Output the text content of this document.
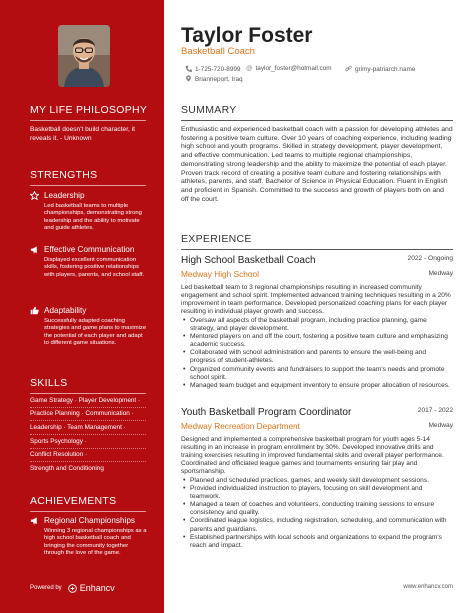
MY LIFE PHILOSOPHY
Basketball doesn't build character, it reveals it. - Unknown
STRENGTHS
Leadership
Led basketball teams to multiple championships, demonstrating strong leadership and the ability to motivate and guide athletes.
Effective Communication
Displayed excellent communication skills, fostering positive relationships with players, parents, and school staff.
Adaptability
Successfully adapted coaching strategies and game plans to maximize the potential of each player and adapt to different game situations.
SKILLS
Game Strategy · Player Development ·
Practice Planning · Communication ·
Leadership · Team Management ·
Sports Psychology ·
Conflict Resolution ·
Strength and Conditioning
ACHIEVEMENTS
Regional Championships
Winning 3 regional championships as a high school basketball coach and bringing the community together through the love of the game.
Powered by Enhancv
Taylor Foster
Basketball Coach
1-725-720-8999 @ taylor_foster@hotmail.com	grimy-patriarch.name
Brianneport, Iraq
SUMMARY
Enthusiastic and experienced basketball coach with a passion for developing athletes and fostering a positive team culture. Over 10 years of coaching experience, including leading high school and youth programs. Skilled in strategy development, player development, and effective communication. Led teams to multiple regional championships, demonstrating strong leadership and the ability to maximize the potential of each player. Proven track record of creating a positive team culture and fostering relationships with athletes, parents, and staff. Bachelor of Science in Physical Education. Fluent in English and proficient in Spanish. Committed to the success and growth of players both on and off the court.
EXPERIENCE
High School Basketball Coach	2022 - Ongoing
Medway High School	Medway
Led basketball team to 3 regional championships resulting in increased community engagement and school spirit. Implemented advanced training techniques resulting in a 20% improvement in team performance. Developed personalized coaching plans for each player resulting in individual player growth and success.
• Oversaw all aspects of the basketball program, including practice planning, game strategy, and player development.
• Mentored players on and off the court, fostering a positive team culture and emphasizing academic success.
• Collaborated with school administration and parents to ensure the well-being and progress of student-athletes.
• Organized community events and fundraisers to support the team's needs and promote school spirit.
• Managed team budget and equipment inventory to ensure proper allocation of resources.
Youth Basketball Program Coordinator	2017 - 2022
Medway Recreation Department	Medway
Designed and implemented a comprehensive basketball program for youth ages 5-14 resulting in an increase in program enrollment by 30%. Developed innovative drills and training exercises resulting in improved fundamental skills and overall player performance. Coordinated and officiated league games and tournaments ensuring fair play and sportsmanship.
• Planned and scheduled practices, games, and weekly skill development sessions.
• Provided individualized instruction to players, focusing on skill development and teamwork.
• Managed a team of coaches and volunteers, conducting training sessions to ensure consistency and quality.
• Coordinated league logistics, including registration, scheduling, and communication with parents and guardians.
• Established partnerships with local schools and organizations to expand the program's reach and impact.
www.enhancv.com
